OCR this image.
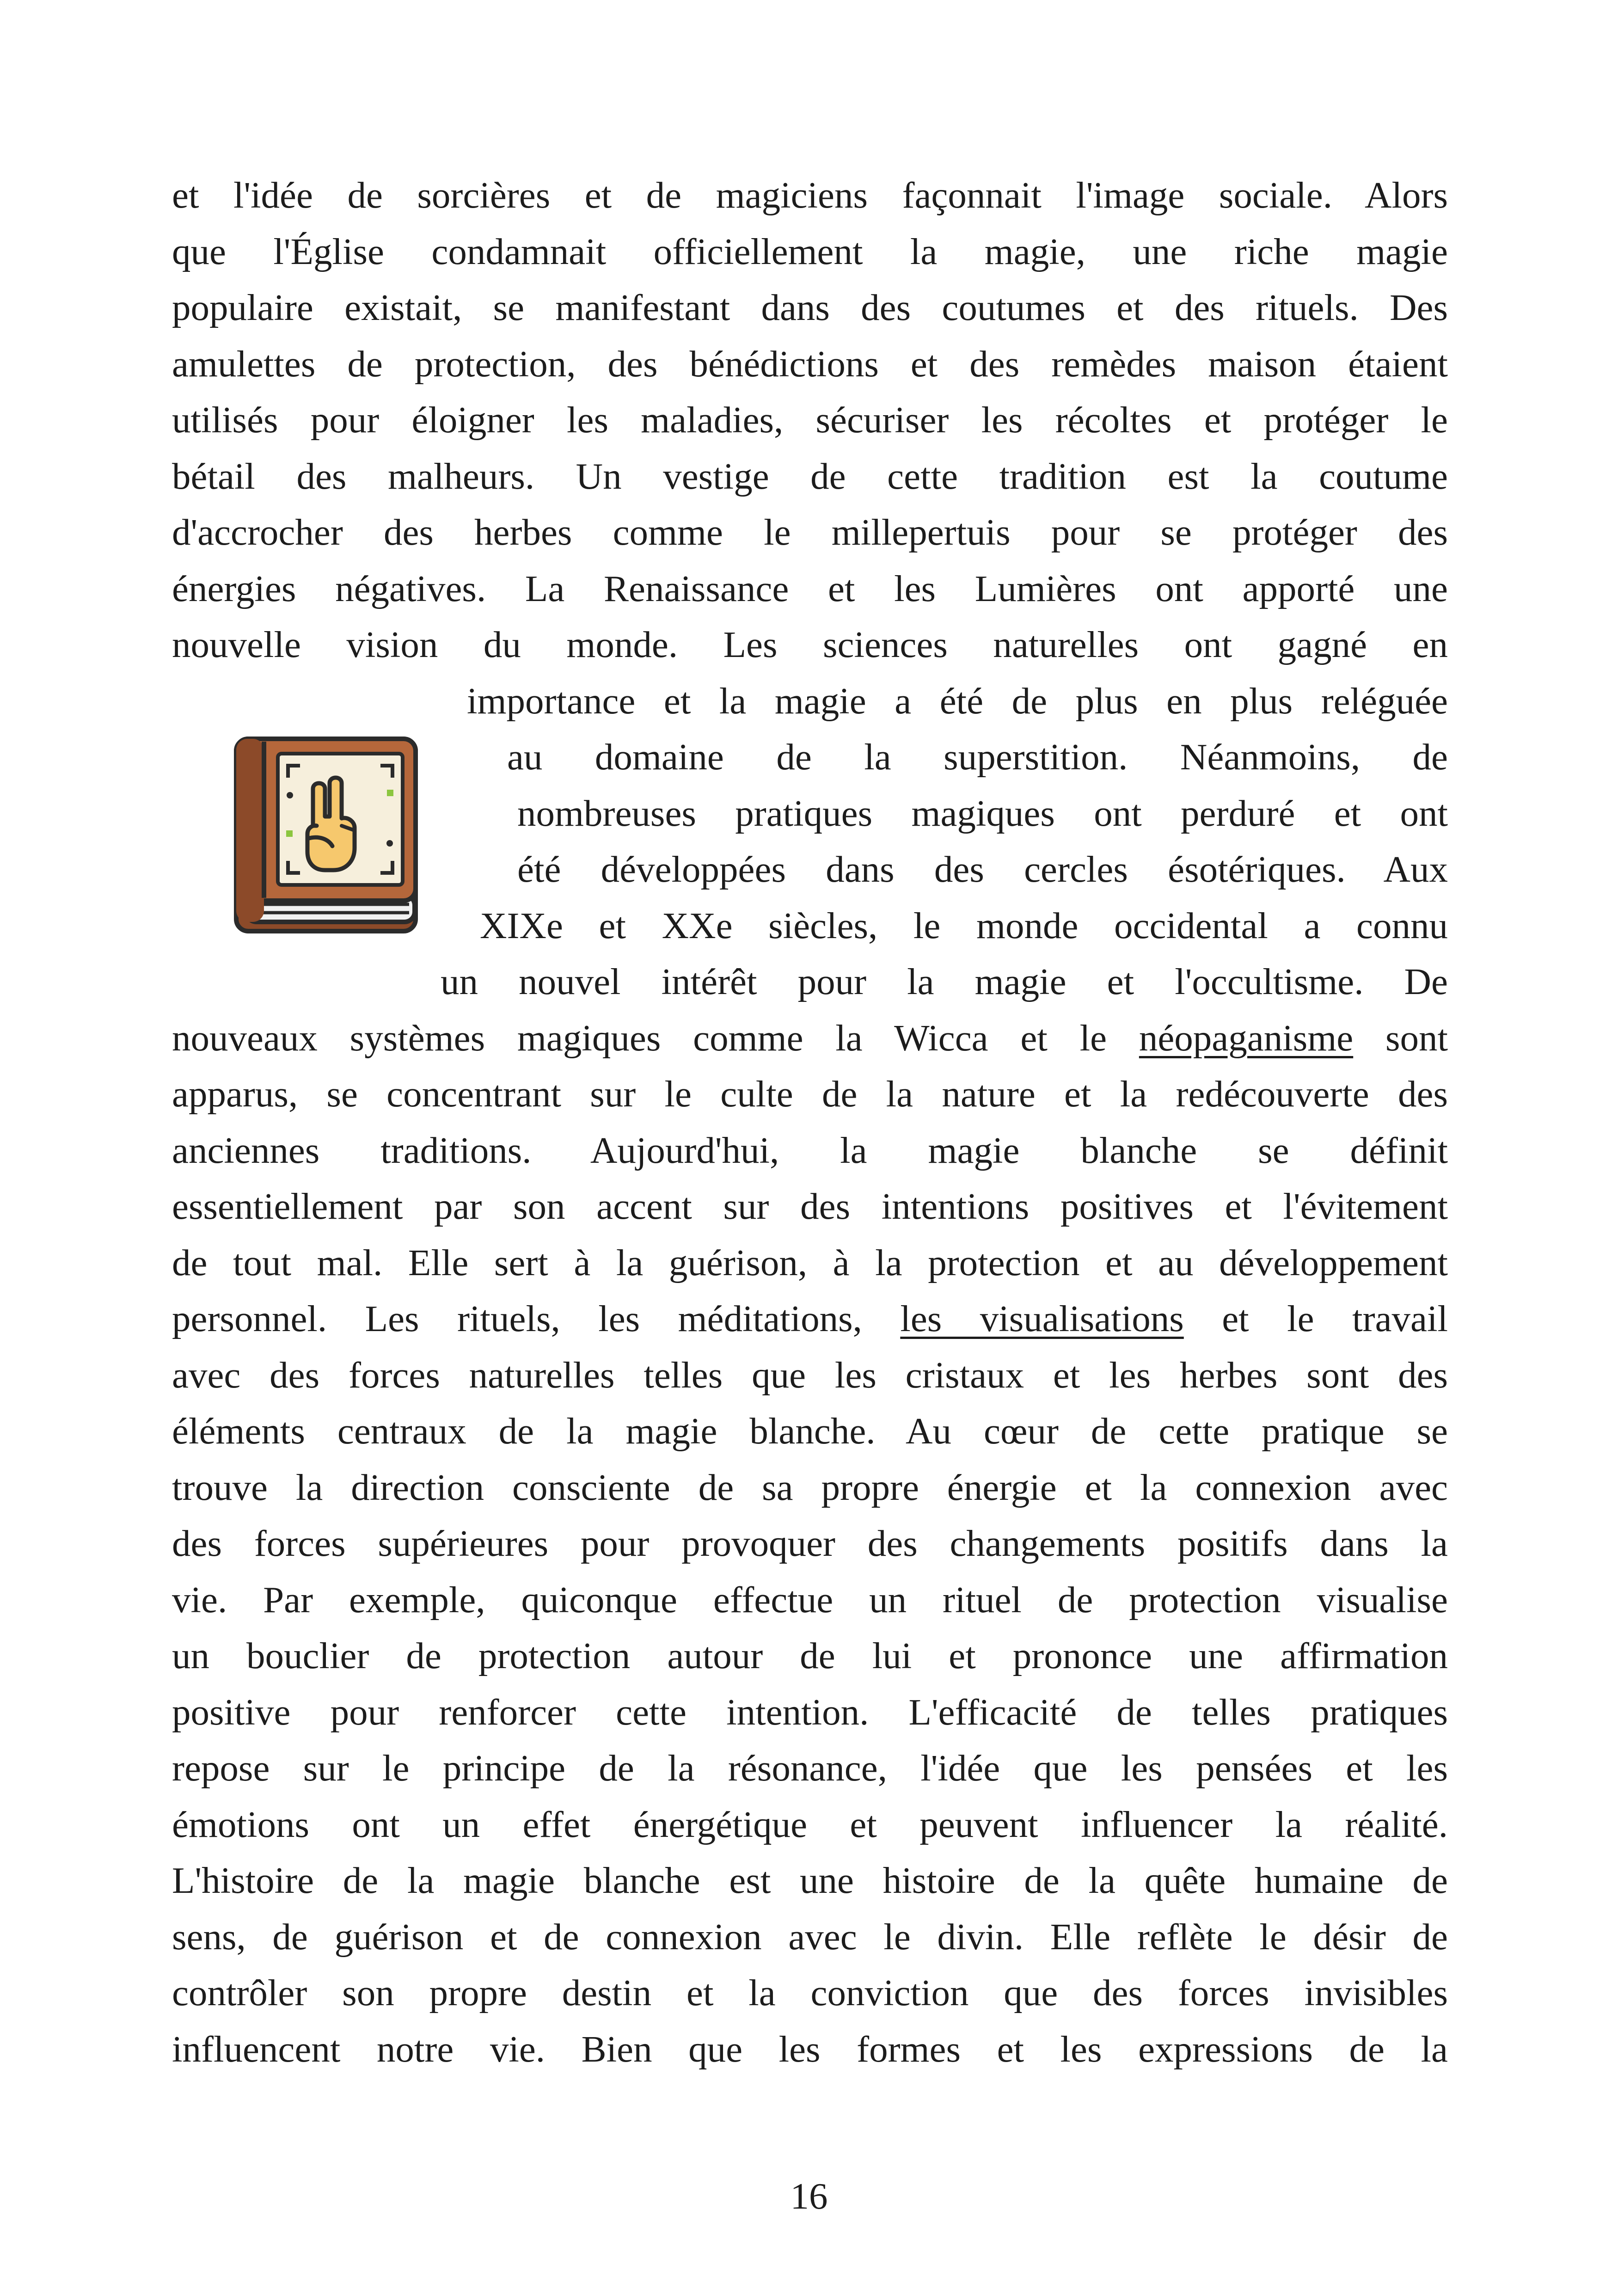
et l'idée de sorcières et de magiciens façonnait l'image sociale. Alors
que l'Église condamnait officiellement la magie, une riche magie
populaire existait, se manifestant dans des coutumes et des rituels. Des
amulettes de protection, des bénédictions et des remèdes maison étaient
utilisés pour éloigner les maladies, sécuriser les récoltes et protéger le
bétail des malheurs. Un vestige de cette tradition est la coutume
d'accrocher des herbes comme le millepertuis pour se protéger des
énergies négatives. La Renaissance et les Lumières ont apporté une
nouvelle vision du monde. Les sciences naturelles ont gagné en
importance et la magie a été de plus en plus reléguée
au domaine de la superstition. Néanmoins, de
nombreuses pratiques magiques ont perduré et ont
été développées dans des cercles ésotériques. Aux
XIXe et XXe siècles, le monde occidental a connu
un nouvel intérêt pour la magie et l'occultisme. De
nouveaux systèmes magiques comme la Wicca et le néopaganisme sont
apparus, se concentrant sur le culte de la nature et la redécouverte des
anciennes traditions. Aujourd'hui, la magie blanche se définit
essentiellement par son accent sur des intentions positives et l'évitement
de tout mal. Elle sert à la guérison, à la protection et au développement
personnel. Les rituels, les méditations, les visualisations et le travail
avec des forces naturelles telles que les cristaux et les herbes sont des
éléments centraux de la magie blanche. Au cœur de cette pratique se
trouve la direction consciente de sa propre énergie et la connexion avec
des forces supérieures pour provoquer des changements positifs dans la
vie. Par exemple, quiconque effectue un rituel de protection visualise
un bouclier de protection autour de lui et prononce une affirmation
positive pour renforcer cette intention. L'efficacité de telles pratiques
repose sur le principe de la résonance, l'idée que les pensées et les
émotions ont un effet énergétique et peuvent influencer la réalité.
L'histoire de la magie blanche est une histoire de la quête humaine de
sens, de guérison et de connexion avec le divin. Elle reflète le désir de
contrôler son propre destin et la conviction que des forces invisibles
influencent notre vie. Bien que les formes et les expressions de la
16
